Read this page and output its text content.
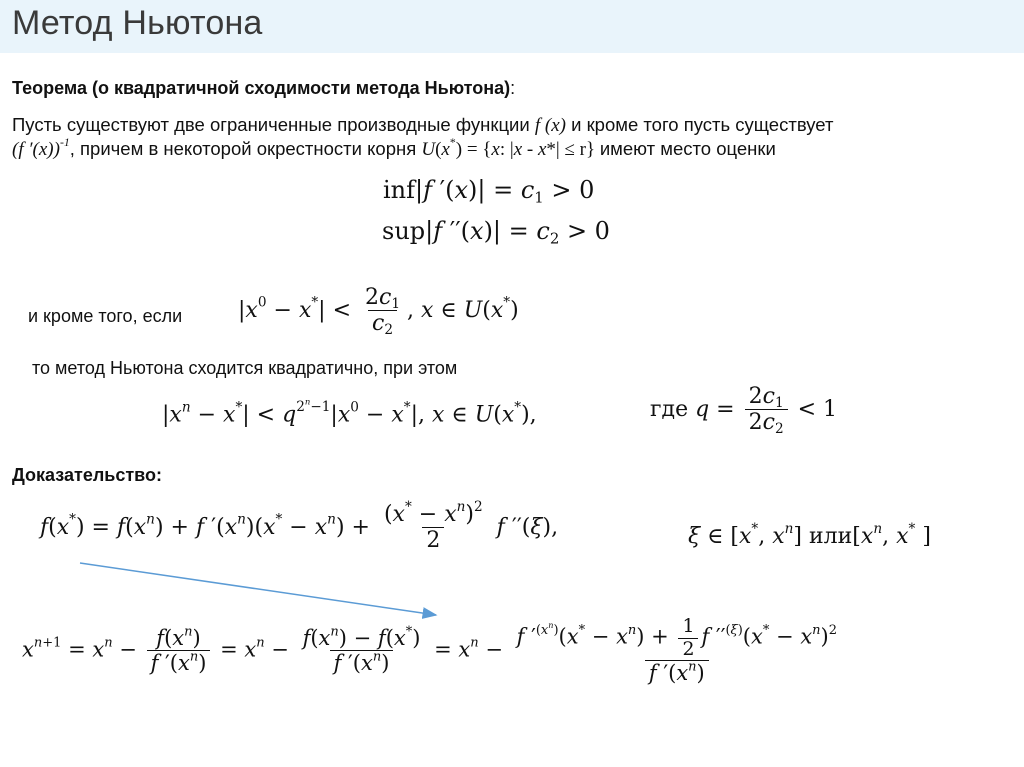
Метод Ньютона
Теорема (о квадратичной сходимости метода Ньютона):
Пусть существуют две ограниченные производные функции f (x) и кроме того пусть существует
(f ′(x))$^{-1}$, причем в некоторой окрестности корня U(x*) = {x: |x - x*| ≤ r} имеют место оценки
inf|f $'(x)| = c_1 > 0$
sup|f $''(x)| = c_2 > 0$
и кроме того, если	$|x^0 - x^*| < \frac{2c_1}{c_2}$ , x ∈ U(x*)
то метод Ньютона сходится квадратично, при этом
$|x^n - x^*| < q^{2^n-1}|x^0 - x^*|$, x ∈ U(x*),	где $q = \frac{2c_1}{2c_2} < 1$
Доказательство:
$f(x^*) = f(x^n) + f$ $'(x^n)(x^* - x^n) + \frac{(x^* - x^n)^2}{2}$ f ′′(ξ),	ξ ∈ [x*, $x^n$] $или[x^n$, x* ]
$x^{n+1} = x^n - \frac{f(x^n)}{f '(x^n)} = x^n - \frac{f(x^n) - f(x^*)}{f '(x^n)} = x^n - \frac{f '^{(x^n)}(x^* - x^n) + \frac{1}{2} f ''^{(\xi)}(x^* - x^n)^2}{f '(x^n)}$
